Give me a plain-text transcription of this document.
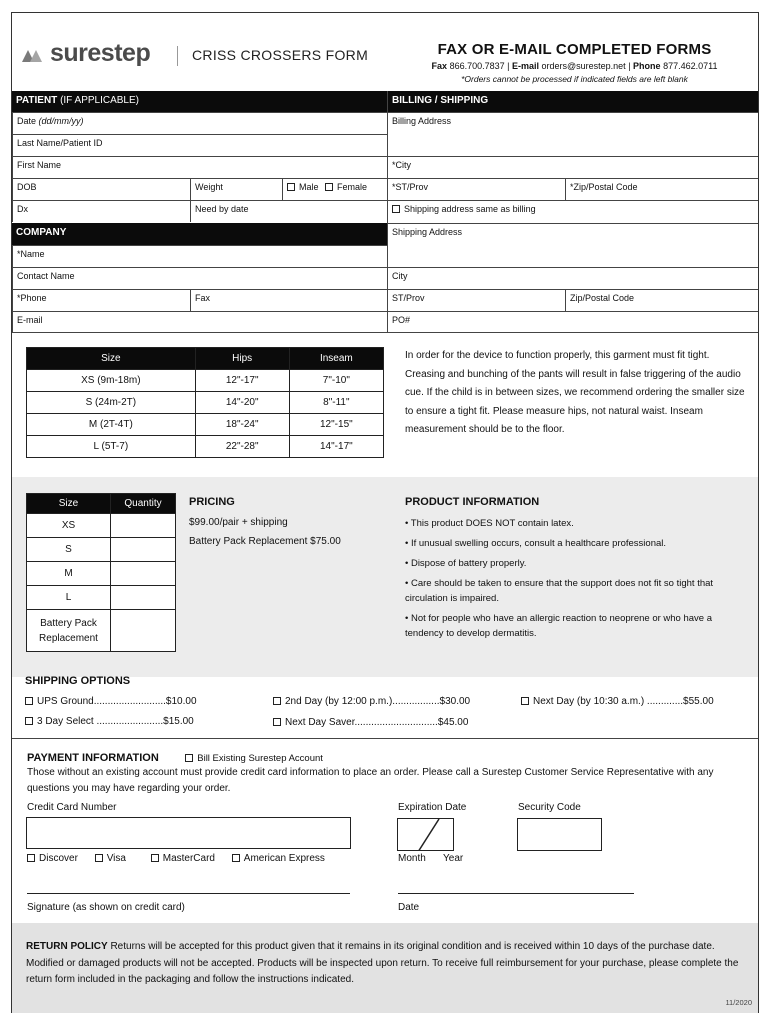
surestep	CRISS CROSSERS FORM	FAX OR E-MAIL COMPLETED FORMS
Fax 866.700.7837 | E-mail orders@surestep.net | Phone 877.462.0711
*Orders cannot be processed if indicated fields are left blank
PATIENT (IF APPLICABLE)
Date (dd/mm/yy)
Last Name/Patient ID
First Name
DOB	Weight	Male Female
Dx	Need by date
COMPANY
*Name
Contact Name
*Phone	Fax
E-mail
BILLING / SHIPPING
Billing Address
*City
*ST/Prov	*Zip/Postal Code
Shipping address same as billing
Shipping Address
City
ST/Prov	Zip/Postal Code
PO#
Size	Hips	Inseam
XS (9m-18m)	12"-17"	7"-10"
S (24m-2T)	14"-20"	8"-11"
M (2T-4T)	18"-24"	12"-15"
L (5T-7)	22"-28"	14"-17"
In order for the device to function properly, this garment must fit tight. Creasing and bunching of the pants will result in false triggering of the audio cue. If the child is in between sizes, we recommend ordering the smaller size to ensure a tight fit. Please measure hips, not natural waist. Inseam measurement should be to the floor.
Size	Quantity
XS	
S	
M	
L	
Battery Pack Replacement	
PRICING
$99.00/pair + shipping
Battery Pack Replacement $75.00
PRODUCT INFORMATION
• This product DOES NOT contain latex.
• If unusual swelling occurs, consult a healthcare professional.
• Dispose of battery properly.
• Care should be taken to ensure that the support does not fit so tight that circulation is impaired.
• Not for people who have an allergic reaction to neoprene or who have a tendency to develop dermatitis.
SHIPPING OPTIONS
UPS Ground..........................$10.00
3 Day Select ........................$15.00
2nd Day (by 12:00 p.m.).................$30.00
Next Day Saver..............................$45.00
Next Day (by 10:30 a.m.) .............$55.00
PAYMENT INFORMATION	Bill Existing Surestep Account
Those without an existing account must provide credit card information to place an order. Please call a Surestep Customer Service Representative with any questions you may have regarding your order.
Credit Card Number	Expiration Date
Month Year
Security Code
Discover	Visa	MasterCard	American Express
Signature (as shown on credit card)	Date
RETURN POLICY Returns will be accepted for this product given that it remains in its original condition and is received within 10 days of the purchase date. Modified or damaged products will not be accepted. Products will be inspected upon return. To receive full reimbursement for your purchase, please complete the return form included in the packaging and follow the instructions indicated.
11/2020
